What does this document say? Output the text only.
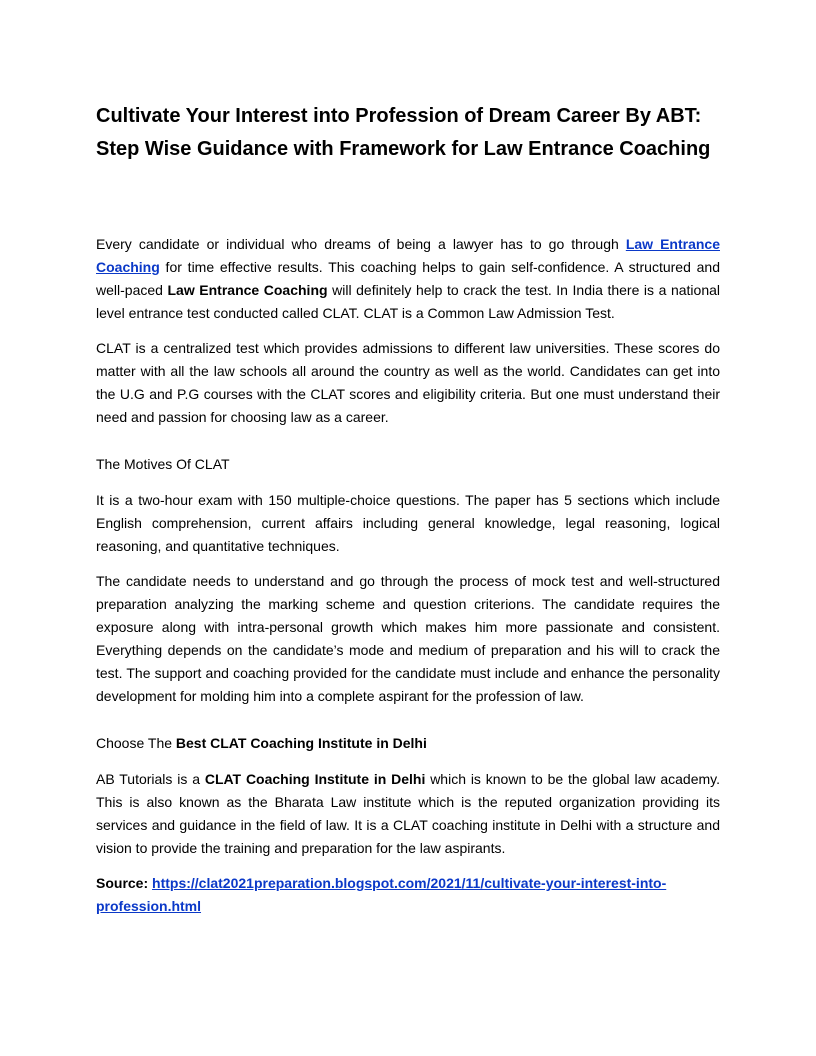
Cultivate Your Interest into Profession of Dream Career By ABT: Step Wise Guidance with Framework for Law Entrance Coaching

Every candidate or individual who dreams of being a lawyer has to go through Law Entrance Coaching for time effective results. This coaching helps to gain self-confidence. A structured and well-paced Law Entrance Coaching will definitely help to crack the test. In India there is a national level entrance test conducted called CLAT. CLAT is a Common Law Admission Test.

CLAT is a centralized test which provides admissions to different law universities. These scores do matter with all the law schools all around the country as well as the world. Candidates can get into the U.G and P.G courses with the CLAT scores and eligibility criteria. But one must understand their need and passion for choosing law as a career.

The Motives Of CLAT

It is a two-hour exam with 150 multiple-choice questions. The paper has 5 sections which include English comprehension, current affairs including general knowledge, legal reasoning, logical reasoning, and quantitative techniques.

The candidate needs to understand and go through the process of mock test and well-structured preparation analyzing the marking scheme and question criterions. The candidate requires the exposure along with intra-personal growth which makes him more passionate and consistent. Everything depends on the candidate’s mode and medium of preparation and his will to crack the test. The support and coaching provided for the candidate must include and enhance the personality development for molding him into a complete aspirant for the profession of law.

Choose The Best CLAT Coaching Institute in Delhi

AB Tutorials is a CLAT Coaching Institute in Delhi which is known to be the global law academy. This is also known as the Bharata Law institute which is the reputed organization providing its services and guidance in the field of law. It is a CLAT coaching institute in Delhi with a structure and vision to provide the training and preparation for the law aspirants.

Source: https://clat2021preparation.blogspot.com/2021/11/cultivate-your-interest-into-profession.html
